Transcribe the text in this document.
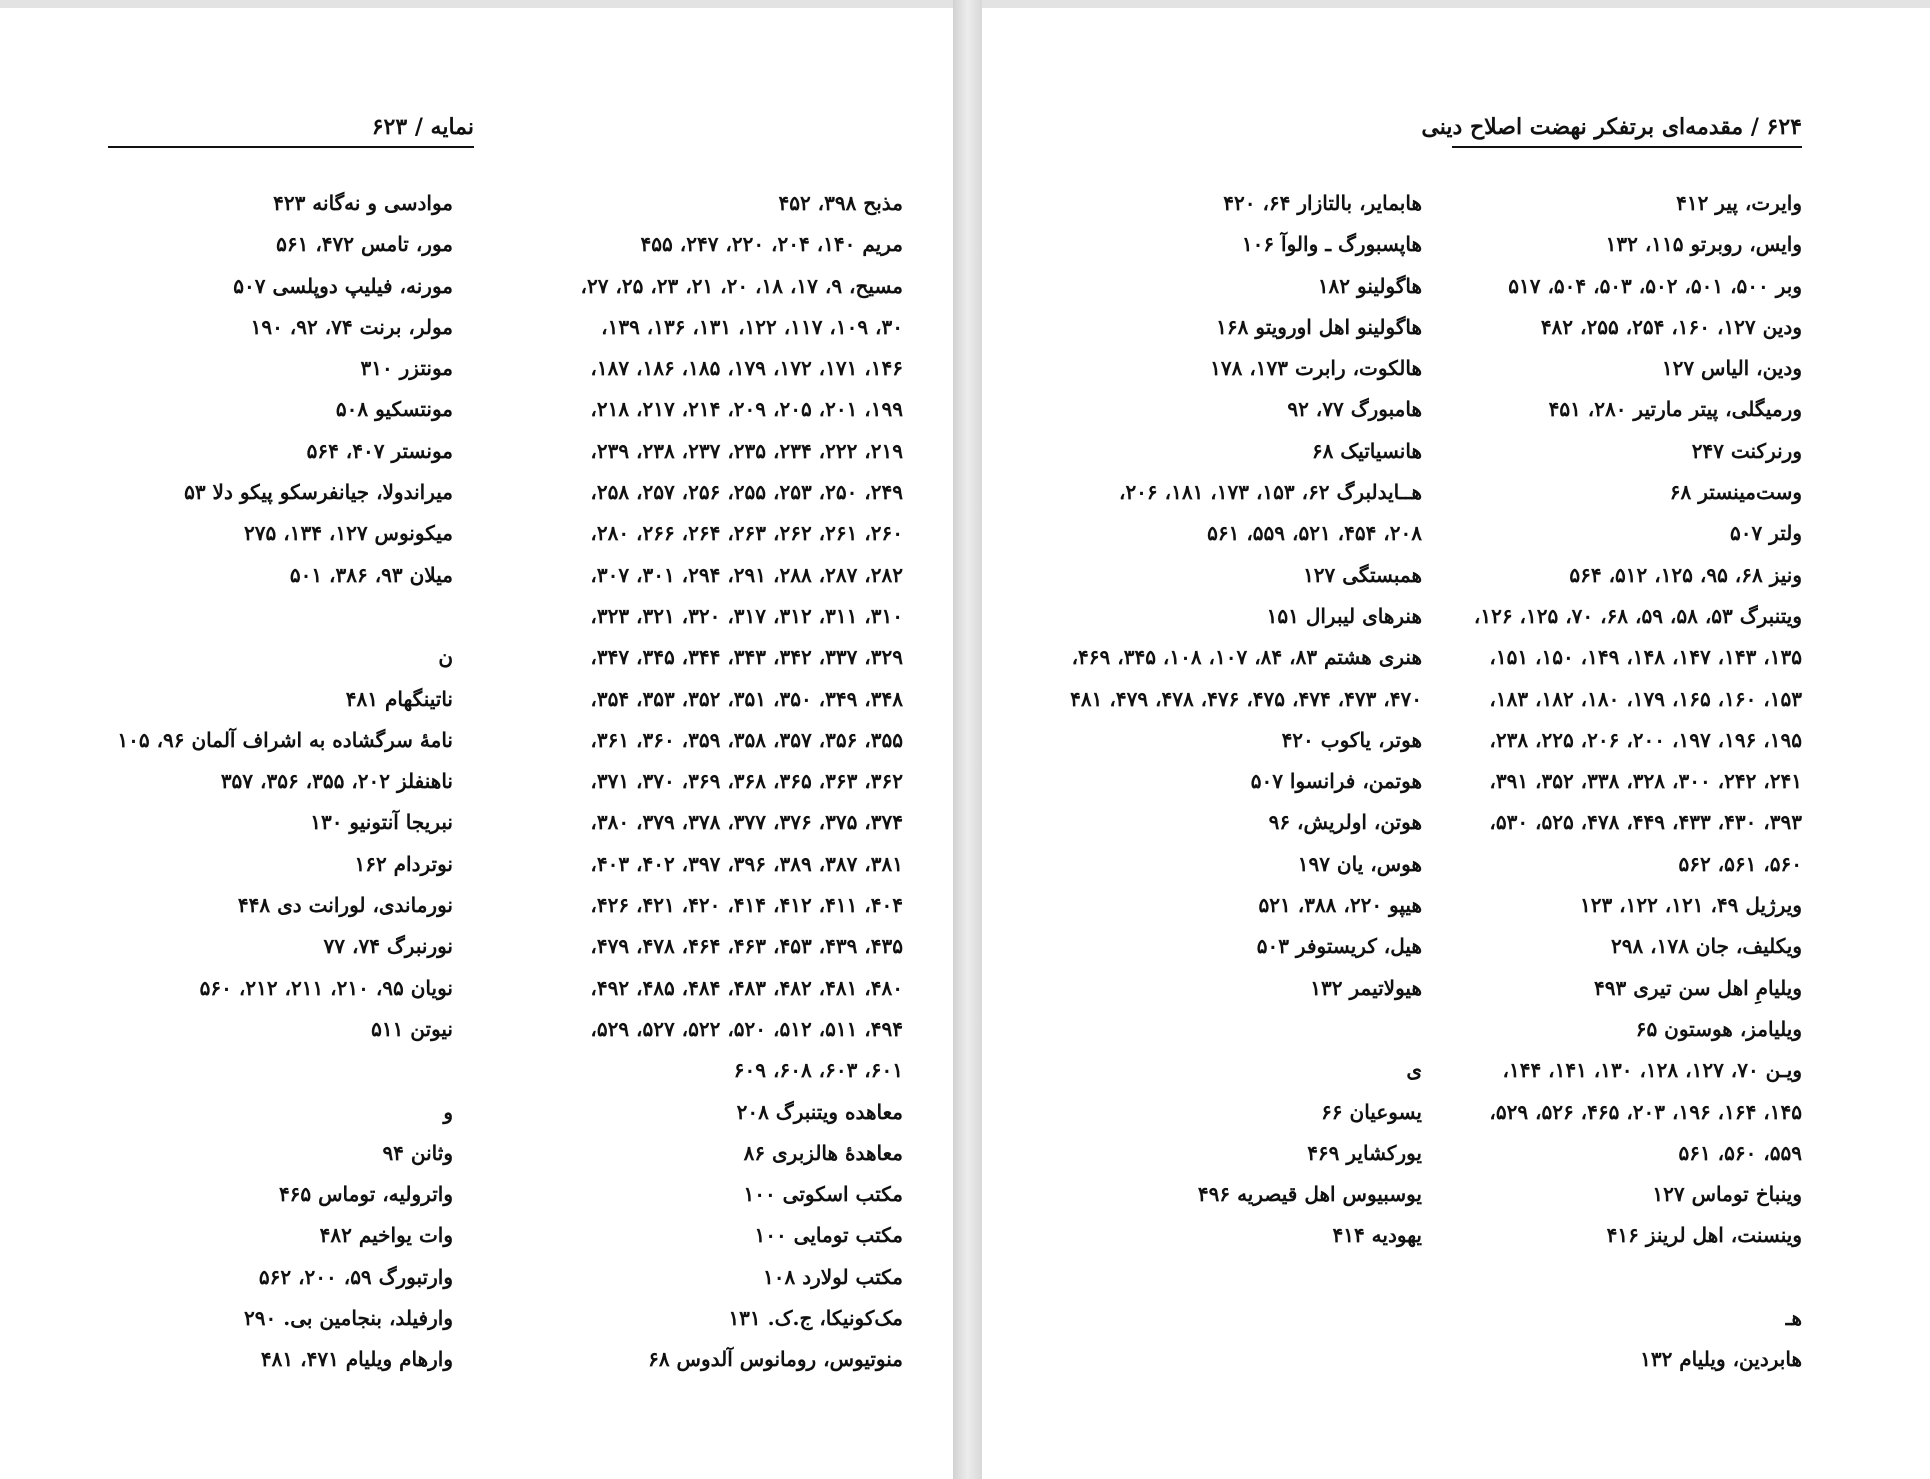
نمایه / ۶۲۳
مذبح ۳۹۸، ۴۵۲
مریم ۱۴۰، ۲۰۴، ۲۲۰، ۲۴۷، ۴۵۵
مسیح، ۹، ۱۷، ۱۸، ۲۰، ۲۱، ۲۳، ۲۵، ۲۷،
۳۰، ۱۰۹، ۱۱۷، ۱۲۲، ۱۳۱، ۱۳۶، ۱۳۹،
۱۴۶، ۱۷۱، ۱۷۲، ۱۷۹، ۱۸۵، ۱۸۶، ۱۸۷،
۱۹۹، ۲۰۱، ۲۰۵، ۲۰۹، ۲۱۴، ۲۱۷، ۲۱۸،
۲۱۹، ۲۲۲، ۲۳۴، ۲۳۵، ۲۳۷، ۲۳۸، ۲۳۹،
۲۴۹، ۲۵۰، ۲۵۳، ۲۵۵، ۲۵۶، ۲۵۷، ۲۵۸،
۲۶۰، ۲۶۱، ۲۶۲، ۲۶۳، ۲۶۴، ۲۶۶، ۲۸۰،
۲۸۲، ۲۸۷، ۲۸۸، ۲۹۱، ۲۹۴، ۳۰۱، ۳۰۷،
۳۱۰، ۳۱۱، ۳۱۲، ۳۱۷، ۳۲۰، ۳۲۱، ۳۲۳،
۳۲۹، ۳۳۷، ۳۴۲، ۳۴۳، ۳۴۴، ۳۴۵، ۳۴۷،
۳۴۸، ۳۴۹، ۳۵۰، ۳۵۱، ۳۵۲، ۳۵۳، ۳۵۴،
۳۵۵، ۳۵۶، ۳۵۷، ۳۵۸، ۳۵۹، ۳۶۰، ۳۶۱،
۳۶۲، ۳۶۳، ۳۶۵، ۳۶۸، ۳۶۹، ۳۷۰، ۳۷۱،
۳۷۴، ۳۷۵، ۳۷۶، ۳۷۷، ۳۷۸، ۳۷۹، ۳۸۰،
۳۸۱، ۳۸۷، ۳۸۹، ۳۹۶، ۳۹۷، ۴۰۲، ۴۰۳،
۴۰۴، ۴۱۱، ۴۱۲، ۴۱۴، ۴۲۰، ۴۲۱، ۴۲۶،
۴۳۵، ۴۳۹، ۴۵۳، ۴۶۳، ۴۶۴، ۴۷۸، ۴۷۹،
۴۸۰، ۴۸۱، ۴۸۲، ۴۸۳، ۴۸۴، ۴۸۵، ۴۹۲،
۴۹۴، ۵۱۱، ۵۱۲، ۵۲۰، ۵۲۲، ۵۲۷، ۵۲۹،
۶۰۱، ۶۰۳، ۶۰۸، ۶۰۹
معاهده ویتنبرگ ۲۰۸
معاهدهٔ هالزبری ۸۶
مکتب اسکوتی ۱۰۰
مکتب تومایی ۱۰۰
مکتب لولارد ۱۰۸
مک‌کونیکا، ج.ک. ۱۳۱
منوتیوس، رومانوس آلدوس ۶۸
موادسی و نه‌گانه ۴۲۳
مور، تامس ۴۷۲، ۵۶۱
مورنه، فیلیپ دوپلسی ۵۰۷
مولر، برنت ۷۴، ۹۲، ۱۹۰
مونتزر ۳۱۰
مونتسکیو ۵۰۸
مونستر ۴۰۷، ۵۶۴
میراندولا، جیانفرسکو پیکو دلا ۵۳
میکونوس ۱۲۷، ۱۳۴، ۲۷۵
میلان ۹۳، ۳۸۶، ۵۰۱
ن
ناتینگهام ۴۸۱
نامهٔ سرگشاده به اشراف آلمان ۹۶، ۱۰۵
ناهنفلز ۲۰۲، ۳۵۵، ۳۵۶، ۳۵۷
نبریجا آنتونیو ۱۳۰
نوتردام ۱۶۲
نورماندی، لورانت دی ۴۴۸
نورنبرگ ۷۴، ۷۷
نویان ۹۵، ۲۱۰، ۲۱۱، ۲۱۲، ۵۶۰
نیوتن ۵۱۱
و
وثانن ۹۴
واترولیه، توماس ۴۶۵
وات یواخیم ۴۸۲
وارتبورگ ۵۹، ۲۰۰، ۵۶۲
وارفیلد، بنجامین بی. ۲۹۰
وارهام ویلیام ۴۷۱، ۴۸۱
۶۲۴ / مقدمه‌ای برتفکر نهضت اصلاح دینی
وایرت، پیر ۴۱۲
وایس، روبرتو ۱۱۵، ۱۳۲
وبر ۵۰۰، ۵۰۱، ۵۰۲، ۵۰۳، ۵۰۴، ۵۱۷
ودین ۱۲۷، ۱۶۰، ۲۵۴، ۲۵۵، ۴۸۲
ودین، الیاس ۱۲۷
ورمیگلی، پیتر مارتیر ۲۸۰، ۴۵۱
ورنرکنت ۲۴۷
وست‌مینستر ۶۸
ولتر ۵۰۷
ونیز ۶۸، ۹۵، ۱۲۵، ۵۱۲، ۵۶۴
ویتنبرگ ۵۳، ۵۸، ۵۹، ۶۸، ۷۰، ۱۲۵، ۱۲۶،
۱۳۵، ۱۴۳، ۱۴۷، ۱۴۸، ۱۴۹، ۱۵۰، ۱۵۱،
۱۵۳، ۱۶۰، ۱۶۵، ۱۷۹، ۱۸۰، ۱۸۲، ۱۸۳،
۱۹۵، ۱۹۶، ۱۹۷، ۲۰۰، ۲۰۶، ۲۲۵، ۲۳۸،
۲۴۱، ۲۴۲، ۳۰۰، ۳۲۸، ۳۳۸، ۳۵۲، ۳۹۱،
۳۹۳، ۴۳۰، ۴۳۳، ۴۴۹، ۴۷۸، ۵۲۵، ۵۳۰،
۵۶۰، ۵۶۱، ۵۶۲
ویرژیل ۴۹، ۱۲۱، ۱۲۲، ۱۲۳
ویکلیف، جان ۱۷۸، ۲۹۸
ویلیامِ اهل سن تیری ۴۹۳
ویلیامز، هوستون ۶۵
ویـن ۷۰، ۱۲۷، ۱۲۸، ۱۳۰، ۱۴۱، ۱۴۴،
۱۴۵، ۱۶۴، ۱۹۶، ۲۰۳، ۴۶۵، ۵۲۶، ۵۲۹،
۵۵۹، ۵۶۰، ۵۶۱
وینباخ توماس ۱۲۷
وینسنت، اهل لرینز ۴۱۶
هـ
هابردین، ویلیام ۱۳۲
هابمایر، بالتازار ۶۴، ۴۲۰
هاپسبورگ ـ والوآ ۱۰۶
هاگولینو ۱۸۲
هاگولینو اهل اورویتو ۱۶۸
هالکوت، رابرت ۱۷۳، ۱۷۸
هامبورگ ۷۷، ۹۲
هانسیاتیک ۶۸
هــایدلبرگ ۶۲، ۱۵۳، ۱۷۳، ۱۸۱، ۲۰۶،
۲۰۸، ۴۵۴، ۵۲۱، ۵۵۹، ۵۶۱
همبستگی ۱۲۷
هنرهای لیبرال ۱۵۱
هنری هشتم ۸۳، ۸۴، ۱۰۷، ۱۰۸، ۳۴۵، ۴۶۹،
۴۷۰، ۴۷۳، ۴۷۴، ۴۷۵، ۴۷۶، ۴۷۸، ۴۷۹، ۴۸۱
هوتر، یاکوب ۴۲۰
هوتمن، فرانسوا ۵۰۷
هوتن، اولریش، ۹۶
هوس، یان ۱۹۷
هیپو ۲۲۰، ۳۸۸، ۵۲۱
هیل، کریستوفر ۵۰۳
هیولاتیمر ۱۳۲
ی
یسوعیان ۶۶
یورکشایر ۴۶۹
یوسبیوس اهل قیصریه ۴۹۶
یهودیه ۴۱۴
